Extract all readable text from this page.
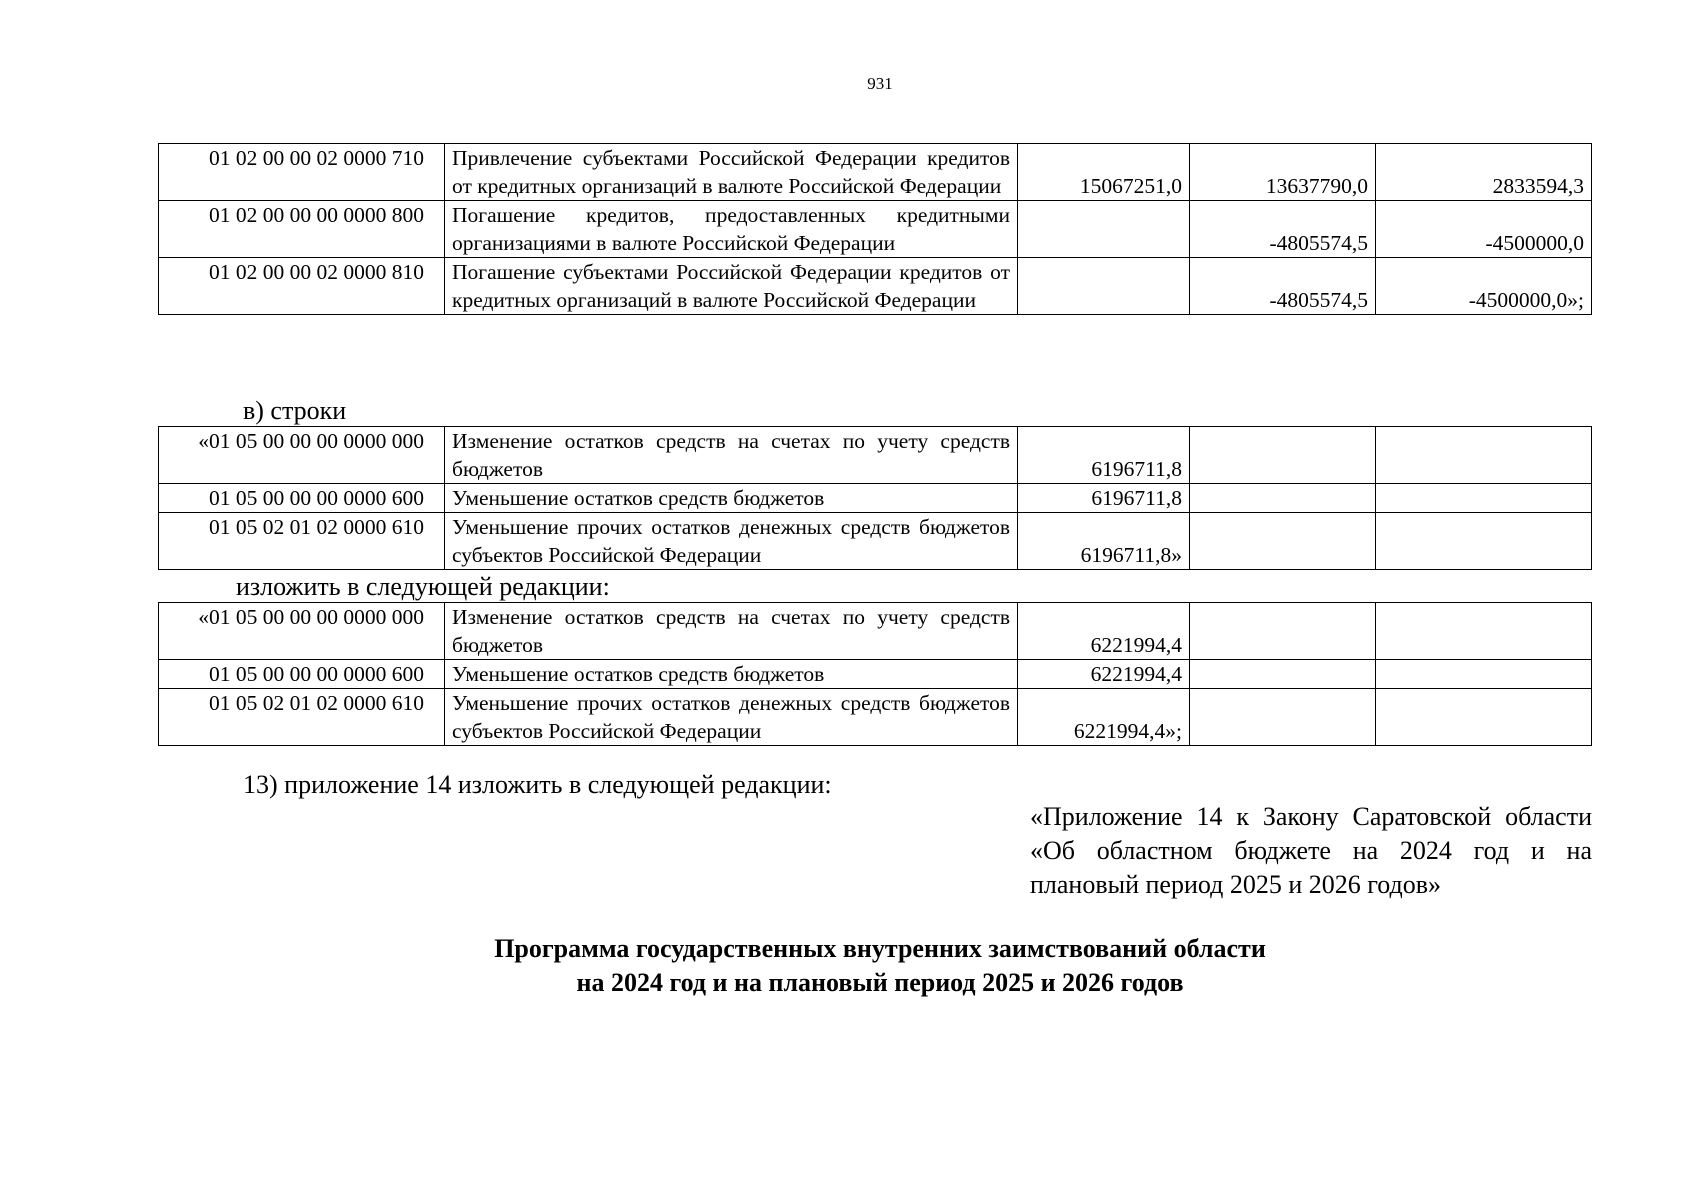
931
01 02 00 00 02 0000 710	Привлечение субъектами Российской Федерации кредитов от кредитных организаций в валюте Российской Федерации	15067251,0	13637790,0	2833594,3
01 02 00 00 00 0000 800	Погашение кредитов, предоставленных кредитными организациями в валюте Российской Федерации		-4805574,5	-4500000,0
01 02 00 00 02 0000 810	Погашение субъектами Российской Федерации кредитов от кредитных организаций в валюте Российской Федерации		-4805574,5	-4500000,0»;
в) строки
«01 05 00 00 00 0000 000	Изменение остатков средств на счетах по учету средств бюджетов	6196711,8		
01 05 00 00 00 0000 600	Уменьшение остатков средств бюджетов	6196711,8		
01 05 02 01 02 0000 610	Уменьшение прочих остатков денежных средств бюджетов субъектов Российской Федерации	6196711,8»		
изложить в следующей редакции:
«01 05 00 00 00 0000 000	Изменение остатков средств на счетах по учету средств бюджетов	6221994,4		
01 05 00 00 00 0000 600	Уменьшение остатков средств бюджетов	6221994,4		
01 05 02 01 02 0000 610	Уменьшение прочих остатков денежных средств бюджетов субъектов Российской Федерации	6221994,4»;		
13) приложение 14 изложить в следующей редакции:
«Приложение 14 к Закону Саратовской области «Об областном бюджете на 2024 год и на плановый период 2025 и 2026 годов»
Программа государственных внутренних заимствований области
на 2024 год и на плановый период 2025 и 2026 годов
